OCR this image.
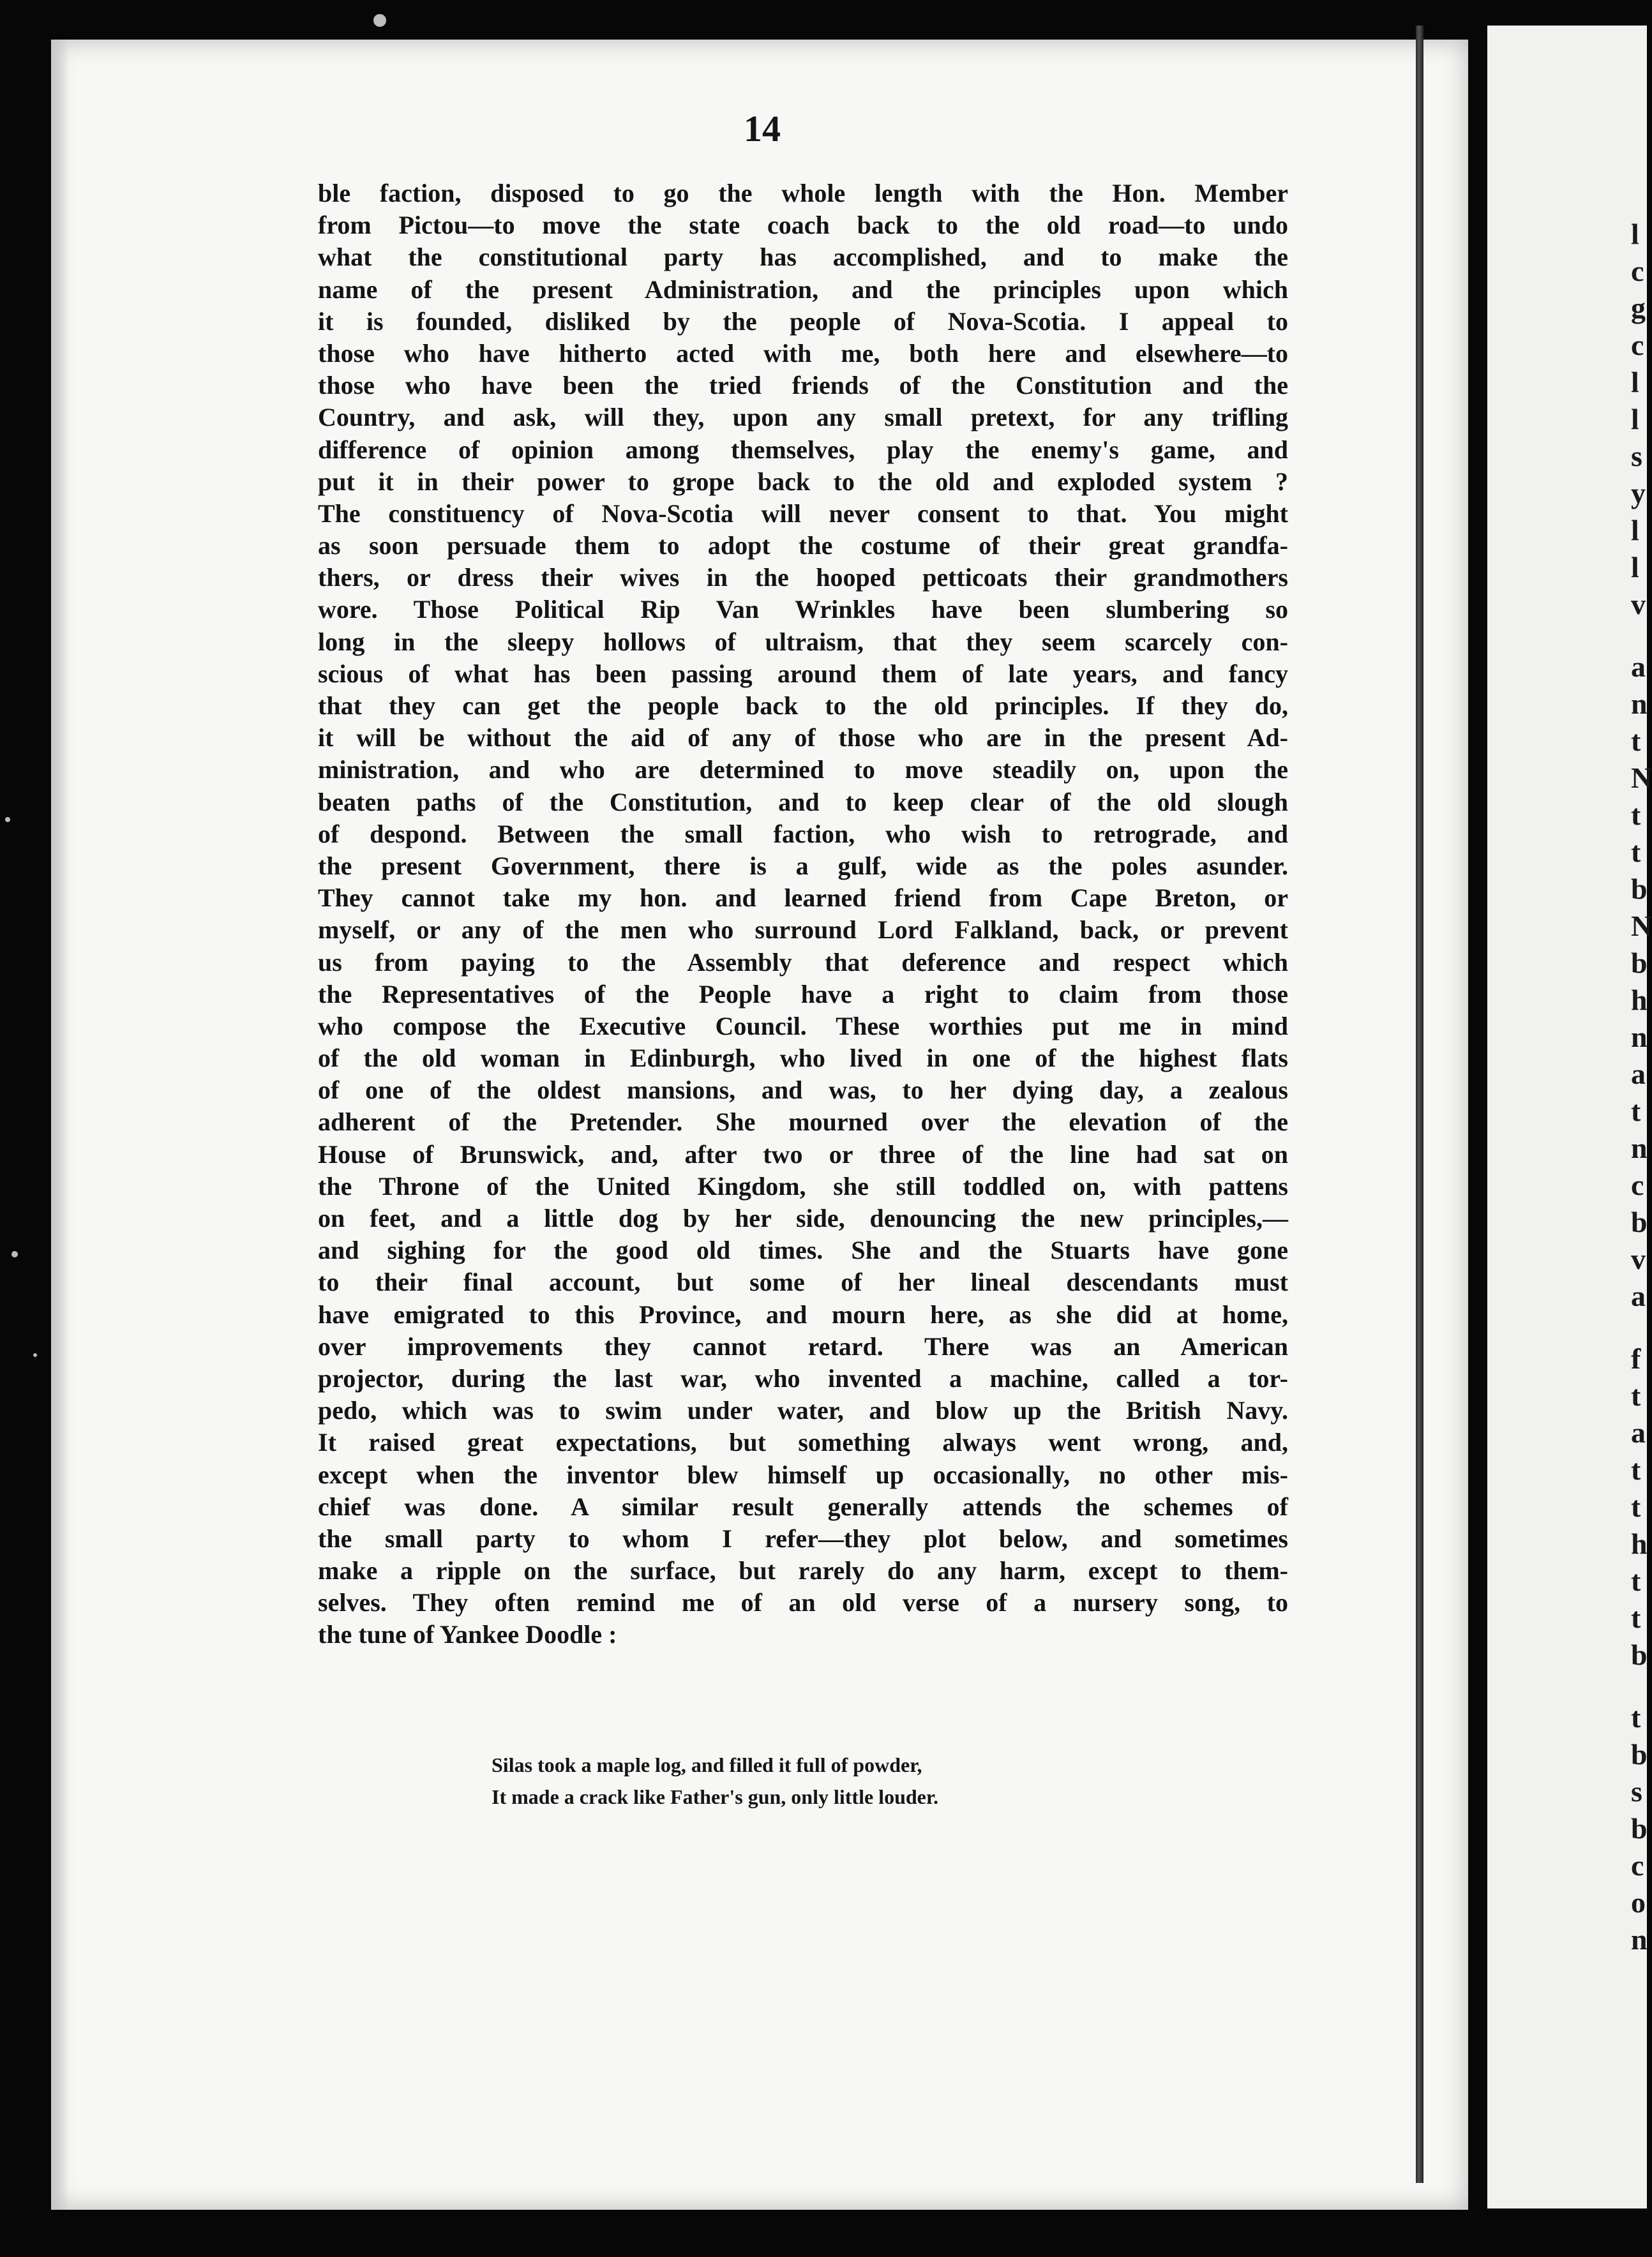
l
c
g
c
l
l
s
y
l
l
v
a
n
t
N
t
t
b
N
b
h
n
a
t
n
c
b
v
a
f
t
a
t
t
h
t
t
b
t
b
s
b
c
o
n
14
ble faction, disposed to go the whole length with the Hon. Member
from Pictou—to move the state coach back to the old road—to undo
what the constitutional party has accomplished, and to make the
name of the present Administration, and the principles upon which
it is founded, disliked by the people of Nova-Scotia. I appeal to
those who have hitherto acted with me, both here and elsewhere—to
those who have been the tried friends of the Constitution and the
Country, and ask, will they, upon any small pretext, for any trifling
difference of opinion among themselves, play the enemy's game, and
put it in their power to grope back to the old and exploded system ?
The constituency of Nova-Scotia will never consent to that. You might
as soon persuade them to adopt the costume of their great grandfa-
thers, or dress their wives in the hooped petticoats their grandmothers
wore. Those Political Rip Van Wrinkles have been slumbering so
long in the sleepy hollows of ultraism, that they seem scarcely con-
scious of what has been passing around them of late years, and fancy
that they can get the people back to the old principles. If they do,
it will be without the aid of any of those who are in the present Ad-
ministration, and who are determined to move steadily on, upon the
beaten paths of the Constitution, and to keep clear of the old slough
of despond. Between the small faction, who wish to retrograde, and
the present Government, there is a gulf, wide as the poles asunder.
They cannot take my hon. and learned friend from Cape Breton, or
myself, or any of the men who surround Lord Falkland, back, or prevent
us from paying to the Assembly that deference and respect which
the Representatives of the People have a right to claim from those
who compose the Executive Council. These worthies put me in mind
of the old woman in Edinburgh, who lived in one of the highest flats
of one of the oldest mansions, and was, to her dying day, a zealous
adherent of the Pretender. She mourned over the elevation of the
House of Brunswick, and, after two or three of the line had sat on
the Throne of the United Kingdom, she still toddled on, with pattens
on feet, and a little dog by her side, denouncing the new principles,—
and sighing for the good old times. She and the Stuarts have gone
to their final account, but some of her lineal descendants must
have emigrated to this Province, and mourn here, as she did at home,
over improvements they cannot retard. There was an American
projector, during the last war, who invented a machine, called a tor-
pedo, which was to swim under water, and blow up the British Navy.
It raised great expectations, but something always went wrong, and,
except when the inventor blew himself up occasionally, no other mis-
chief was done. A similar result generally attends the schemes of
the small party to whom I refer—they plot below, and sometimes
make a ripple on the surface, but rarely do any harm, except to them-
selves. They often remind me of an old verse of a nursery song, to
the tune of Yankee Doodle :
Silas took a maple log, and filled it full of powder,
It made a crack like Father's gun, only little louder.
